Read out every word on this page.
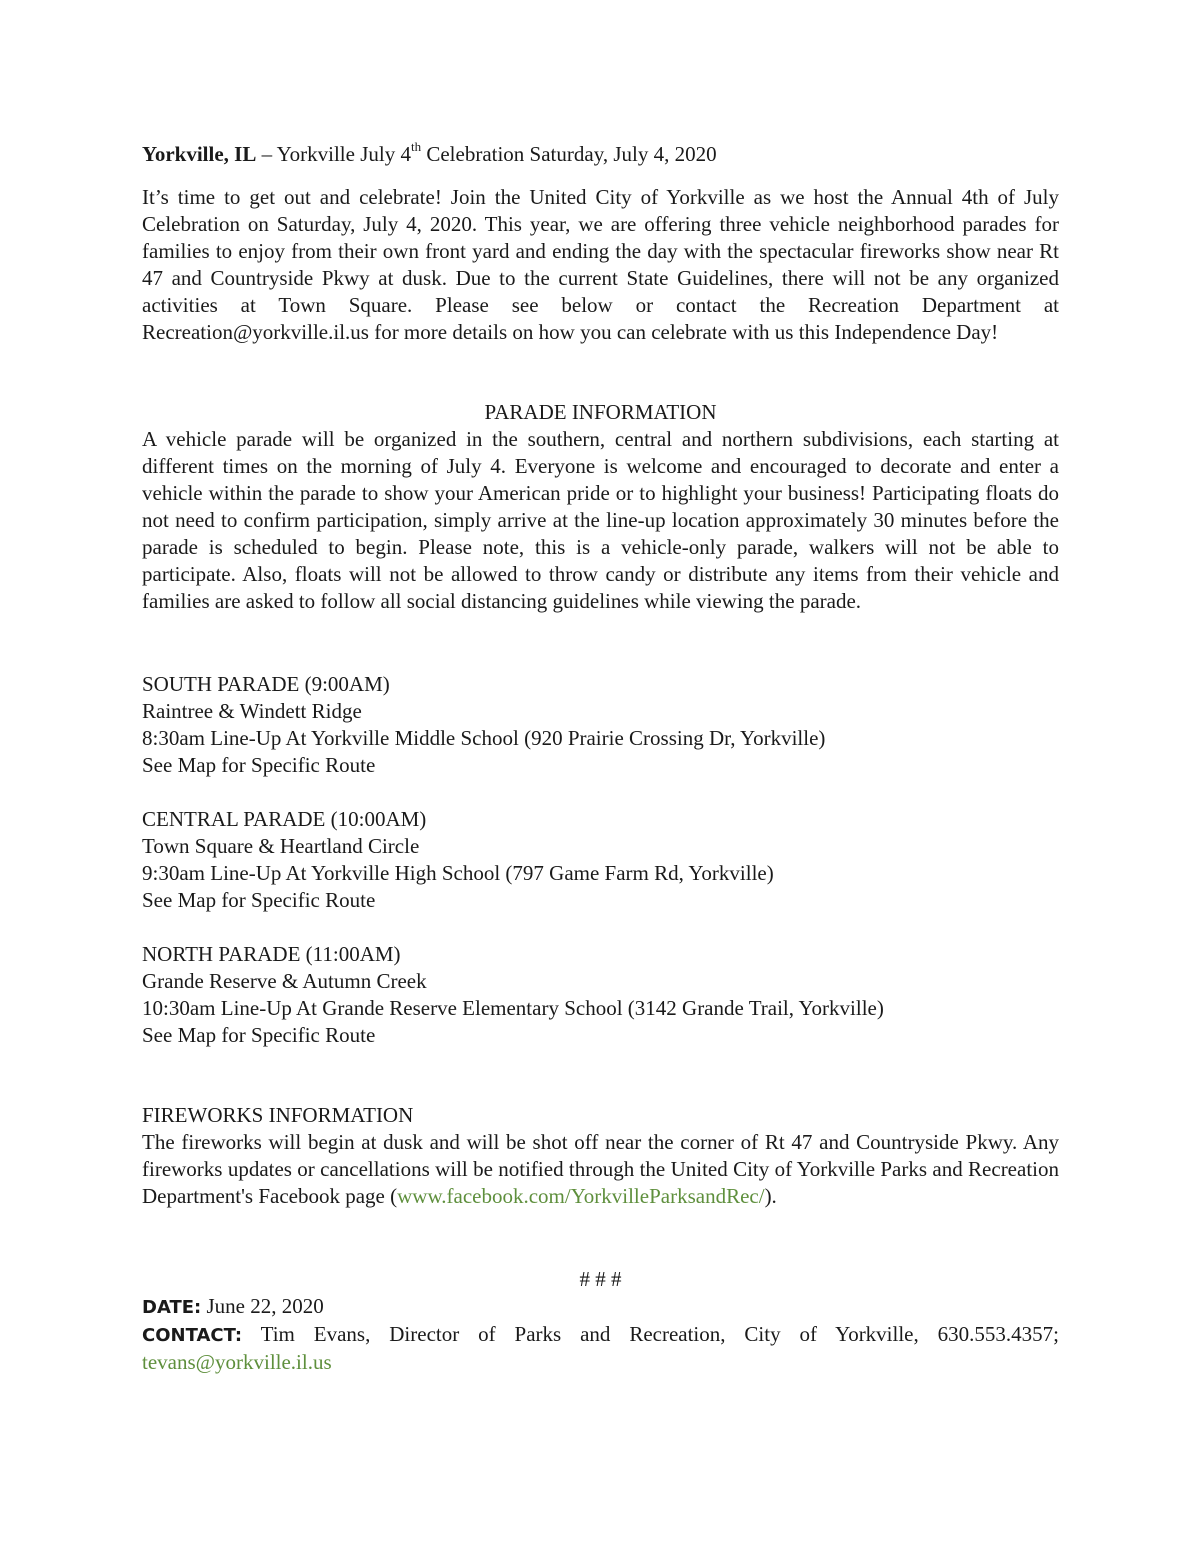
Yorkville, IL – Yorkville July 4th Celebration Saturday, July 4, 2020
It’s time to get out and celebrate! Join the United City of Yorkville as we host the Annual 4th of July Celebration on Saturday, July 4, 2020. This year, we are offering three vehicle neighborhood parades for families to enjoy from their own front yard and ending the day with the spectacular fireworks show near Rt 47 and Countryside Pkwy at dusk. Due to the current State Guidelines, there will not be any organized activities at Town Square. Please see below or contact the Recreation Department at Recreation@yorkville.il.us for more details on how you can celebrate with us this Independence Day!
PARADE INFORMATION
A vehicle parade will be organized in the southern, central and northern subdivisions, each starting at different times on the morning of July 4. Everyone is welcome and encouraged to decorate and enter a vehicle within the parade to show your American pride or to highlight your business! Participating floats do not need to confirm participation, simply arrive at the line-up location approximately 30 minutes before the parade is scheduled to begin. Please note, this is a vehicle-only parade, walkers will not be able to participate. Also, floats will not be allowed to throw candy or distribute any items from their vehicle and families are asked to follow all social distancing guidelines while viewing the parade.
SOUTH PARADE (9:00AM)
Raintree & Windett Ridge
8:30am Line-Up At Yorkville Middle School (920 Prairie Crossing Dr, Yorkville)
See Map for Specific Route
CENTRAL PARADE (10:00AM)
Town Square & Heartland Circle
9:30am Line-Up At Yorkville High School (797 Game Farm Rd, Yorkville)
See Map for Specific Route
NORTH PARADE (11:00AM)
Grande Reserve & Autumn Creek
10:30am Line-Up At Grande Reserve Elementary School (3142 Grande Trail, Yorkville)
See Map for Specific Route
FIREWORKS INFORMATION
The fireworks will begin at dusk and will be shot off near the corner of Rt 47 and Countryside Pkwy. Any fireworks updates or cancellations will be notified through the United City of Yorkville Parks and Recreation Department's Facebook page (www.facebook.com/YorkvilleParksandRec/).
# # #
DATE: June 22, 2020
CONTACT: Tim Evans, Director of Parks and Recreation, City of Yorkville, 630.553.4357; tevans@yorkville.il.us
